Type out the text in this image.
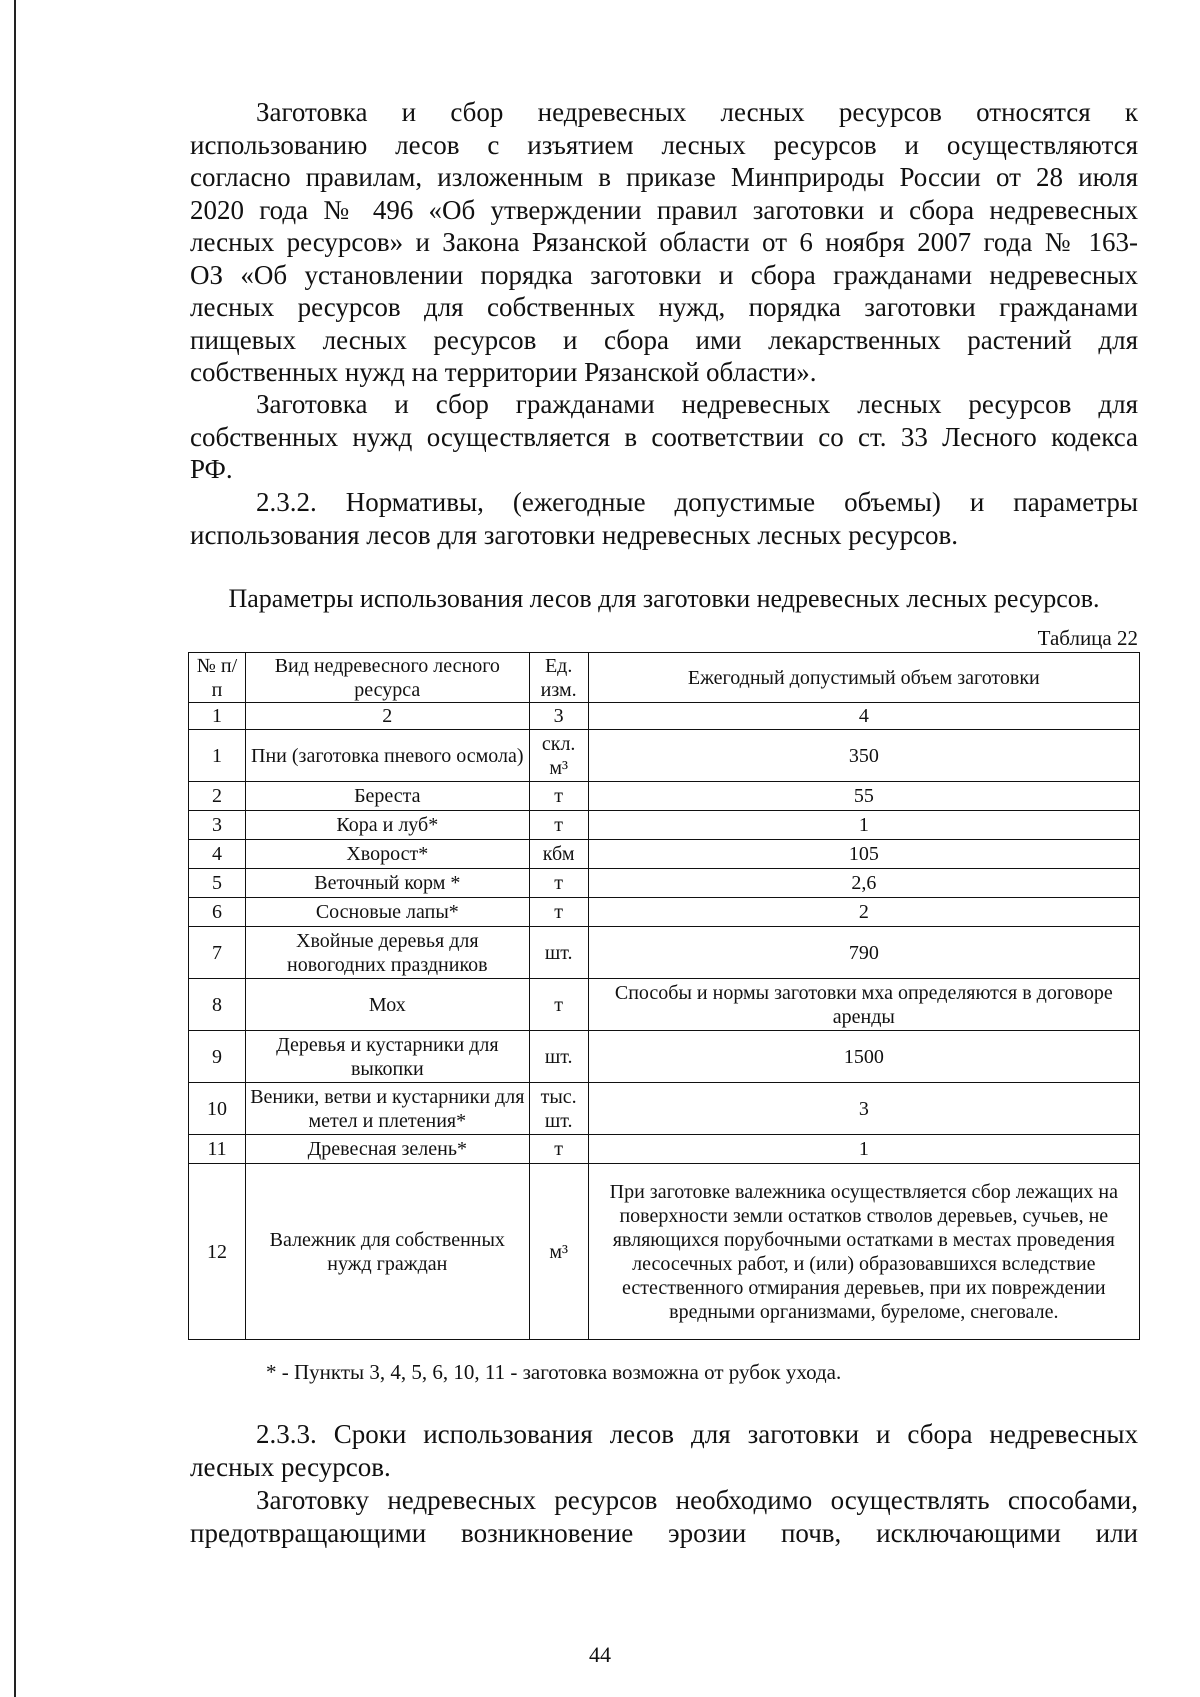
Заготовка и сбор недревесных лесных ресурсов относятся к
использованию лесов с изъятием лесных ресурсов и осуществляются
согласно правилам, изложенным в приказе Минприроды России от 28 июля
2020 года № 496 «Об утверждении правил заготовки и сбора недревесных
лесных ресурсов» и Закона Рязанской области от 6 ноября 2007 года № 163-
ОЗ «Об установлении порядка заготовки и сбора гражданами недревесных
лесных ресурсов для собственных нужд, порядка заготовки гражданами
пищевых лесных ресурсов и сбора ими лекарственных растений для
собственных нужд на территории Рязанской области».

Заготовка и сбор гражданами недревесных лесных ресурсов для
собственных нужд осуществляется в соответствии со ст. 33 Лесного кодекса
РФ.

2.3.2. Нормативы, (ежегодные допустимые объемы) и параметры
использования лесов для заготовки недревесных лесных ресурсов.

Параметры использования лесов для заготовки недревесных лесных ресурсов.
Таблица 22
№ п/п	Вид недревесного лесного ресурса	Ед. изм.	Ежегодный допустимый объем заготовки
1	2	3	4
1	Пни (заготовка пневого осмола)	скл. м³	350
2	Береста	т	55
3	Кора и луб*	т	1
4	Хворост*	кбм	105
5	Веточный корм *	т	2,6
6	Сосновые лапы*	т	2
7	Хвойные деревья для новогодних праздников	шт.	790
8	Мох	т	Способы и нормы заготовки мха определяются в договоре аренды
9	Деревья и кустарники для выкопки	шт.	1500
10	Веники, ветви и кустарники для метел и плетения*	тыс. шт.	3
11	Древесная зелень*	т	1
12	Валежник для собственных нужд граждан	м³	При заготовке валежника осуществляется сбор лежащих на поверхности земли остатков стволов деревьев, сучьев, не являющихся порубочными остатками в местах проведения лесосечных работ, и (или) образовавшихся вследствие естественного отмирания деревьев, при их повреждении вредными организмами, буреломе, снеговале.
* - Пункты 3, 4, 5, 6, 10, 11 - заготовка возможна от рубок ухода.

2.3.3. Сроки использования лесов для заготовки и сбора недревесных
лесных ресурсов.

Заготовку недревесных ресурсов необходимо осуществлять способами,
предотвращающими возникновение эрозии почв, исключающими или

44
